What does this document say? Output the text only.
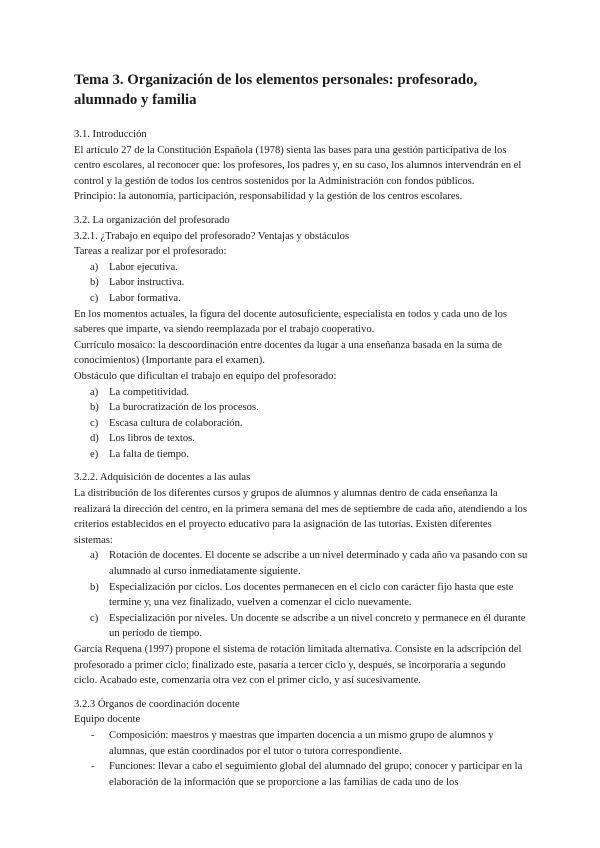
Tema 3. Organización de los elementos personales: profesorado, alumnado y familia

3.1. Introducción

El artículo 27 de la Constitución Española (1978) sienta las bases para una gestión participativa de los centro escolares, al reconocer que: los profesores, los padres y, en su caso, los alumnos intervendrán en el control y la gestión de todos los centros sostenidos por la Administración con fondos públicos.

Principio: la autonomía, participación, responsabilidad y la gestión de los centros escolares.

3.2. La organización del profesorado

3.2.1. ¿Trabajo en equipo del profesorado? Ventajas y obstáculos

Tareas a realizar por el profesorado:

a) Labor ejecutiva.
b) Labor instructiva.
c) Labor formativa.

En los momentos actuales, la figura del docente autosuficiente, especialista en todos y cada uno de los saberes que imparte, va siendo reemplazada por el trabajo cooperativo.

Currículo mosaico: la descoordinación entre docentes da lugar a una enseñanza basada en la suma de conocimientos) (Importante para el examen).

Obstáculo que dificultan el trabajo en equipo del profesorado:

a) La competitividad.
b) La burocratización de los procesos.
c) Escasa cultura de colaboración.
d) Los libros de textos.
e) La falta de tiempo.

3.2.2. Adquisición de docentes a las aulas

La distribución de los diferentes cursos y grupos de alumnos y alumnas dentro de cada enseñanza la realizará la dirección del centro, en la primera semana del mes de septiembre de cada año, atendiendo a los criterios establecidos en el proyecto educativo para la asignación de las tutorías. Existen diferentes sistemas:

a) Rotación de docentes. El docente se adscribe a un nivel determinado y cada año va pasando con su alumnado al curso inmediatamente siguiente.
b) Especialización por ciclos. Los docentes permanecen en el ciclo con carácter fijo hasta que este termine y, una vez finalizado, vuelven a comenzar el ciclo nuevamente.
c) Especialización por niveles. Un docente se adscribe a un nivel concreto y permanece en él durante un período de tiempo.

García Requena (1997) propone el sistema de rotación limitada alternativa. Consiste en la adscripción del profesorado a primer ciclo; finalizado este, pasaría a tercer ciclo y, después, se incorporaría a segundo ciclo. Acabado este, comenzaría otra vez con el primer ciclo, y así sucesivamente.

3.2.3 Órganos de coordinación docente

Equipo docente

- Composición: maestros y maestras que imparten docencia a un mismo grupo de alumnos y alumnas, que están coordinados por el tutor o tutora correspondiente.
- Funciones: llevar a cabo el seguimiento global del alumnado del grupo; conocer y participar en la elaboración de la información que se proporcione a las familias de cada uno de los
